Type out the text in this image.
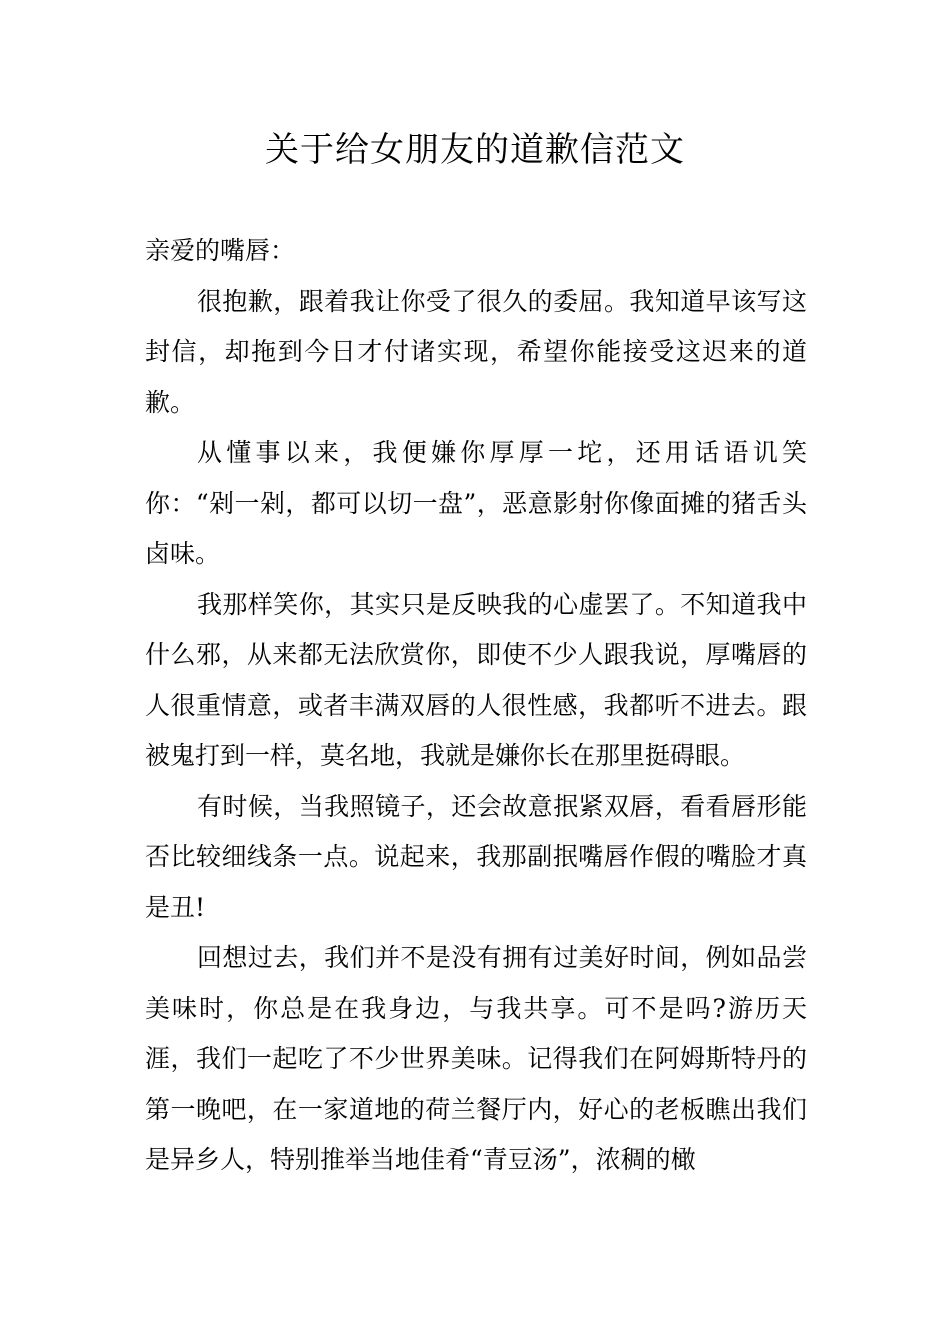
关于给女朋友的道歉信范文

亲爱的嘴唇：

很抱歉，跟着我让你受了很久的委屈。我知道早该写这封信，却拖到今日才付诸实现，希望你能接受这迟来的道歉。

从懂事以来，我便嫌你厚厚一坨，还用话语讥笑你：“剁一剁，都可以切一盘”，恶意影射你像面摊的猪舌头卤味。

我那样笑你，其实只是反映我的心虚罢了。不知道我中什么邪，从来都无法欣赏你，即使不少人跟我说，厚嘴唇的人很重情意，或者丰满双唇的人很性感，我都听不进去。跟被鬼打到一样，莫名地，我就是嫌你长在那里挺碍眼。

有时候，当我照镜子，还会故意抿紧双唇，看看唇形能否比较细线条一点。说起来，我那副抿嘴唇作假的嘴脸才真是丑!

回想过去，我们并不是没有拥有过美好时间，例如品尝美味时，你总是在我身边，与我共享。可不是吗?游历天涯，我们一起吃了不少世界美味。记得我们在阿姆斯特丹的第一晚吧，在一家道地的荷兰餐厅内，好心的老板瞧出我们是异乡人，特别推举当地佳肴“青豆汤”，浓稠的橄
